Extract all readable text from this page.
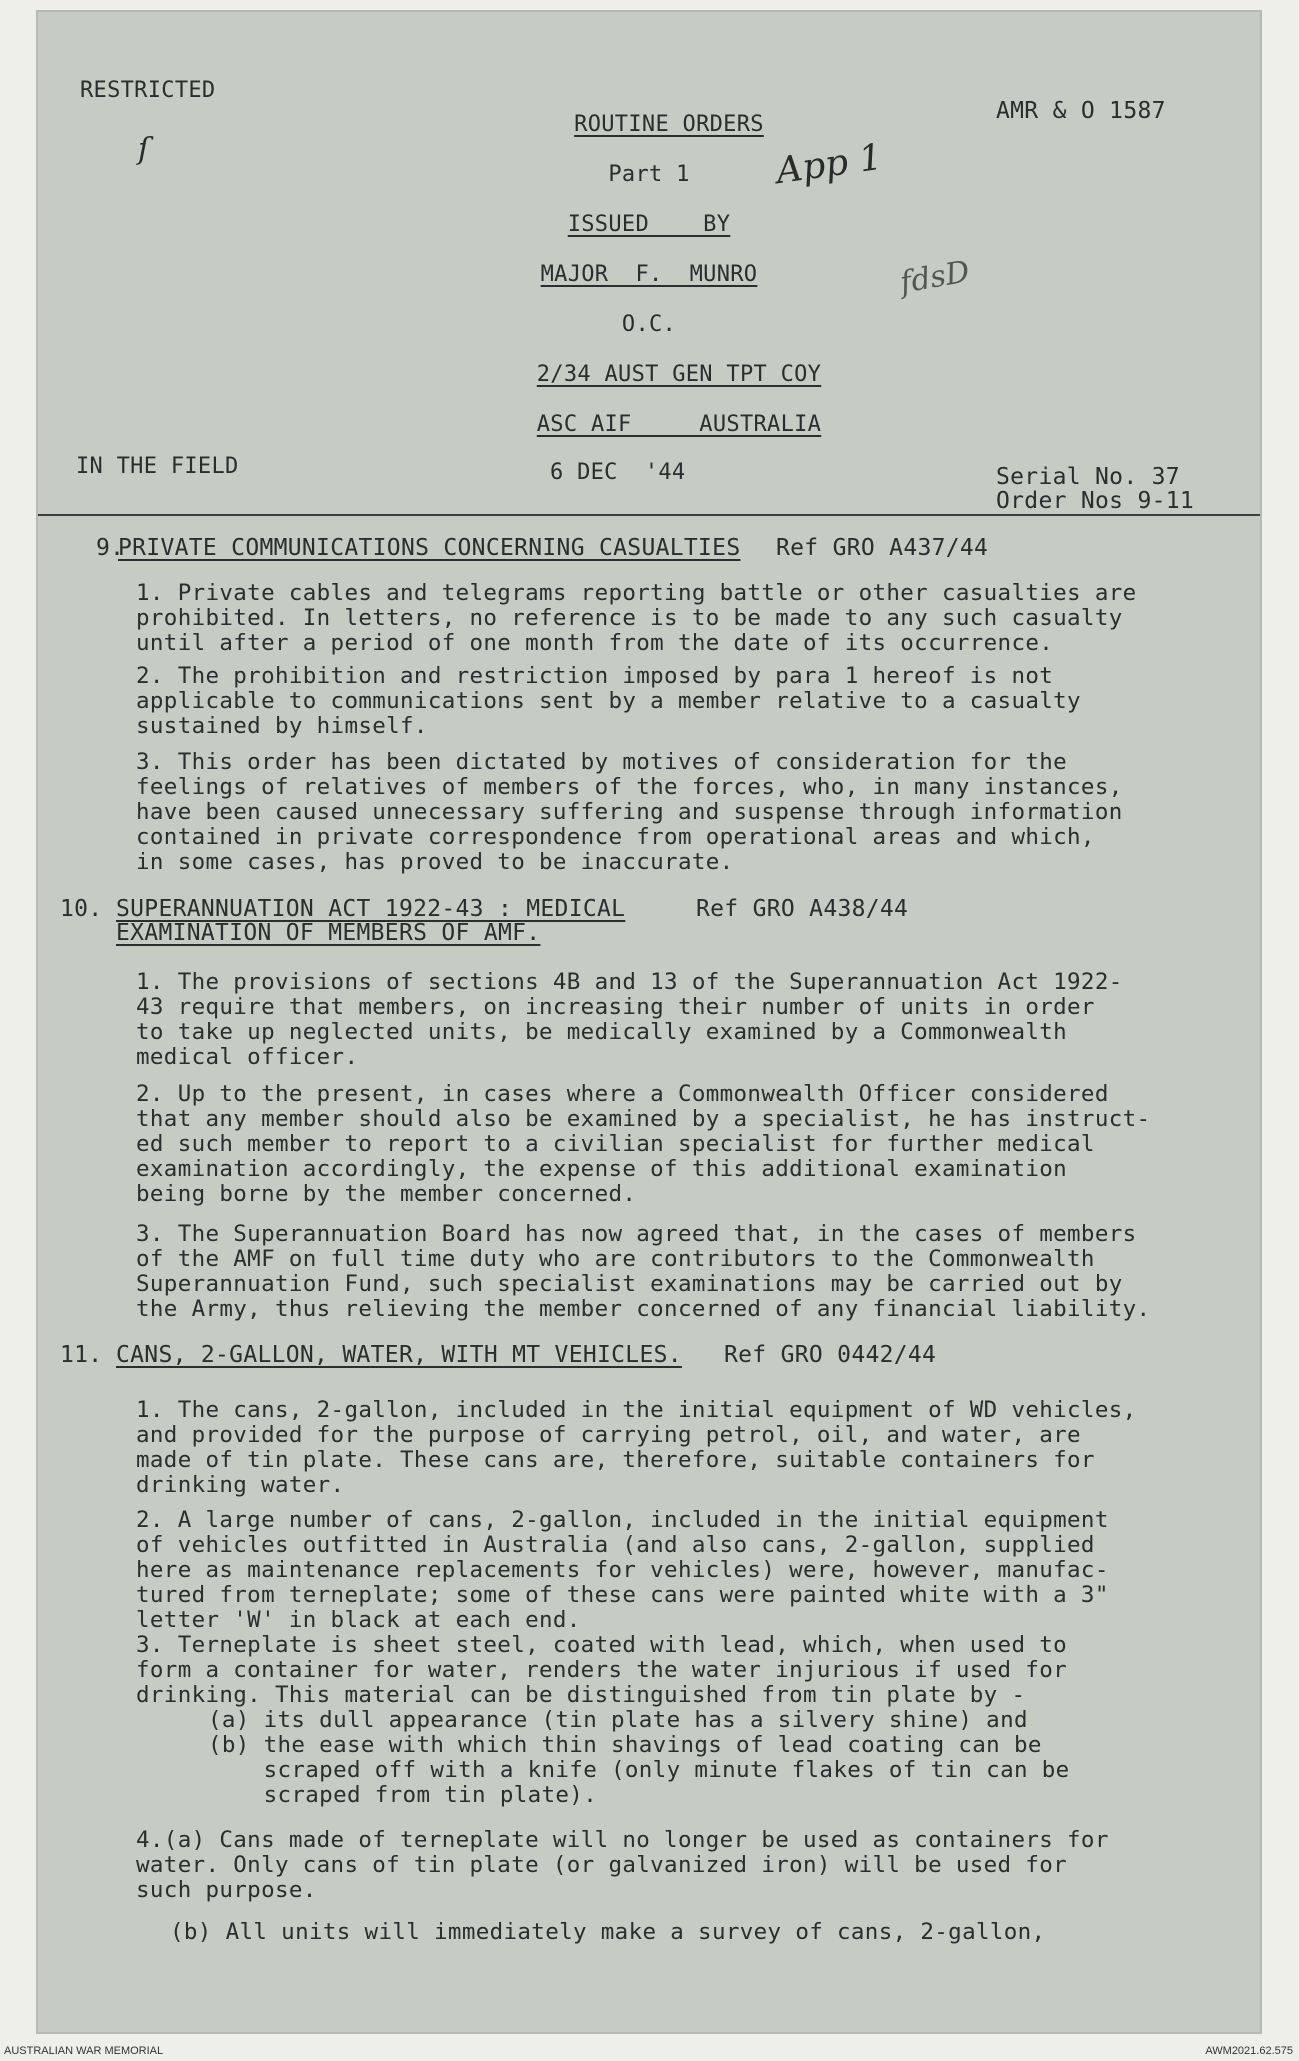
RESTRICTED
AMR & O 1587
ſ	App 1
fdsD
ROUTINE ORDERS
Part 1
ISSUED    BY
MAJOR  F.  MUNRO
O.C.
2/34 AUST GEN TPT COY
ASC AIF     AUSTRALIA
IN THE FIELD	6 DEC  '44	Serial No. 37
Order Nos 9-11
9.
PRIVATE COMMUNICATIONS CONCERNING CASUALTIES Ref GRO A437/44
1. Private cables and telegrams reporting battle or other casualties are
prohibited. In letters, no reference is to be made to any such casualty
until after a period of one month from the date of its occurrence.
2. The prohibition and restriction imposed by para 1 hereof is not
applicable to communications sent by a member relative to a casualty
sustained by himself.
3. This order has been dictated by motives of consideration for the
feelings of relatives of members of the forces, who, in many instances,
have been caused unnecessary suffering and suspense through information
contained in private correspondence from operational areas and which,
in some cases, has proved to be inaccurate.
10. SUPERANNUATION ACT 1922-43 : MEDICAL
EXAMINATION OF MEMBERS OF AMF.
Ref GRO A438/44
1. The provisions of sections 4B and 13 of the Superannuation Act 1922-
43 require that members, on increasing their number of units in order
to take up neglected units, be medically examined by a Commonwealth
medical officer.
2. Up to the present, in cases where a Commonwealth Officer considered
that any member should also be examined by a specialist, he has instruct-
ed such member to report to a civilian specialist for further medical
examination accordingly, the expense of this additional examination
being borne by the member concerned.
3. The Superannuation Board has now agreed that, in the cases of members
of the AMF on full time duty who are contributors to the Commonwealth
Superannuation Fund, such specialist examinations may be carried out by
the Army, thus relieving the member concerned of any financial liability.
11. CANS, 2-GALLON, WATER, WITH MT VEHICLES. Ref GRO 0442/44
1. The cans, 2-gallon, included in the initial equipment of WD vehicles,
and provided for the purpose of carrying petrol, oil, and water, are
made of tin plate. These cans are, therefore, suitable containers for
drinking water.
2. A large number of cans, 2-gallon, included in the initial equipment
of vehicles outfitted in Australia (and also cans, 2-gallon, supplied
here as maintenance replacements for vehicles) were, however, manufac-
tured from terneplate; some of these cans were painted white with a 3"
letter 'W' in black at each end.
3. Terneplate is sheet steel, coated with lead, which, when used to
form a container for water, renders the water injurious if used for
drinking. This material can be distinguished from tin plate by -
(a) its dull appearance (tin plate has a silvery shine) and
(b) the ease with which thin shavings of lead coating can be
scraped off with a knife (only minute flakes of tin can be
scraped from tin plate).
4.(a) Cans made of terneplate will no longer be used as containers for
water. Only cans of tin plate (or galvanized iron) will be used for
such purpose.
(b) All units will immediately make a survey of cans, 2-gallon,
AUSTRALIAN WAR MEMORIAL	AWM2021.62.575
